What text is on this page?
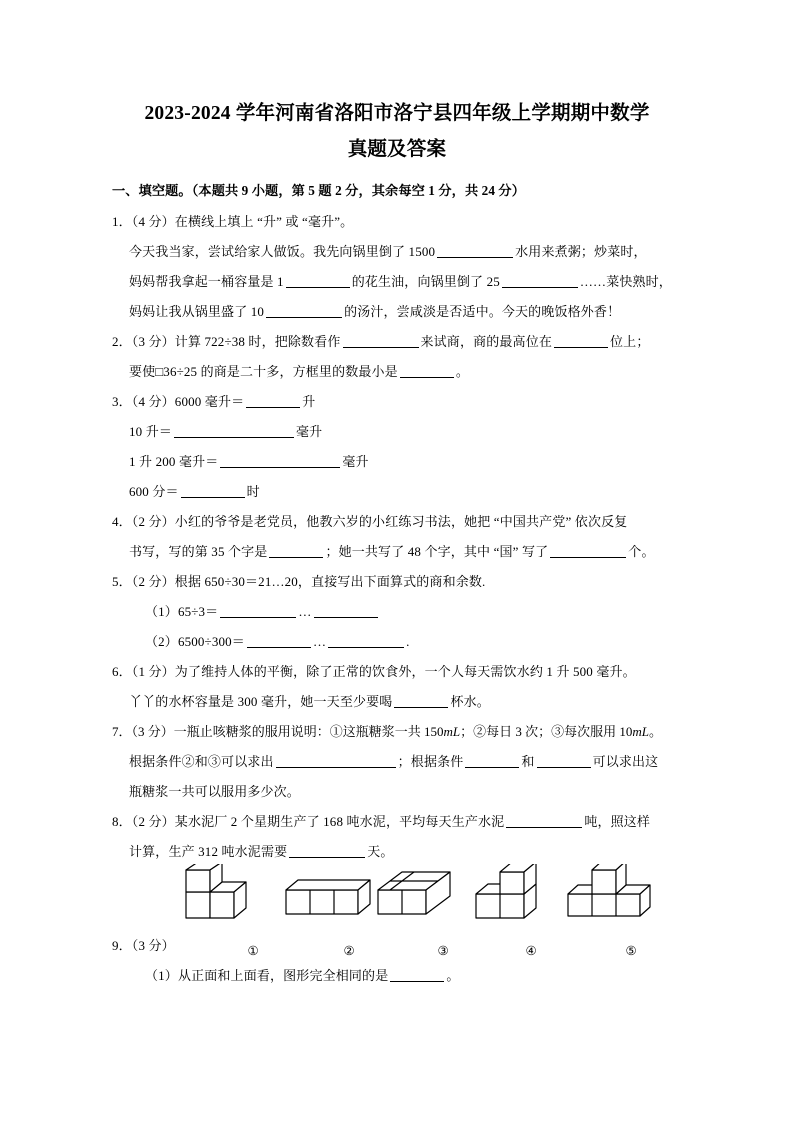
2023-2024 学年河南省洛阳市洛宁县四年级上学期期中数学
真题及答案
一、填空题。（本题共 9 小题，第 5 题 2 分，其余每空 1 分，共 24 分）
1．（4 分）在横线上填上 “升” 或 “毫升”。
今天我当家，尝试给家人做饭。我先向锅里倒了 1500	水用来煮粥；炒菜时，
妈妈帮我拿起一桶容量是 1	的花生油，向锅里倒了 25	……菜快熟时，
妈妈让我从锅里盛了 10	的汤汁，尝咸淡是否适中。今天的晚饭格外香！
2．（3 分）计算 722÷38 时，把除数看作	来试商，商的最高位在	位上；
要使□36÷25 的商是二十多，方框里的数最小是	。
3．（4 分）6000 毫升＝	升
10 升＝	毫升
1 升 200 毫升＝	毫升
600 分＝	时
4．（2 分）小红的爷爷是老党员，他教六岁的小红练习书法，她把 “中国共产党” 依次反复
书写，写的第 35 个字是	；她一共写了 48 个字，其中 “国” 写了	个。
5．（2 分）根据 650÷30＝21…20，直接写出下面算式的商和余数.
（1）65÷3＝	…
（2）6500÷300＝	…	.
6．（1 分）为了维持人体的平衡，除了正常的饮食外，一个人每天需饮水约 1 升 500 毫升。
丫丫的水杯容量是 300 毫升，她一天至少要喝	杯水。
7．（3 分）一瓶止咳糖浆的服用说明：①这瓶糖浆一共 150mL；②每日 3 次；③每次服用 10mL。
根据条件②和③可以求出	；根据条件	和	可以求出这
瓶糖浆一共可以服用多少次。
8．（2 分）某水泥厂 2 个星期生产了 168 吨水泥，平均每天生产水泥	吨，照这样
计算，生产 312 吨水泥需要	天。
9．（3 分）	①	②	③	④	⑤
（1）从正面和上面看，图形完全相同的是	。
